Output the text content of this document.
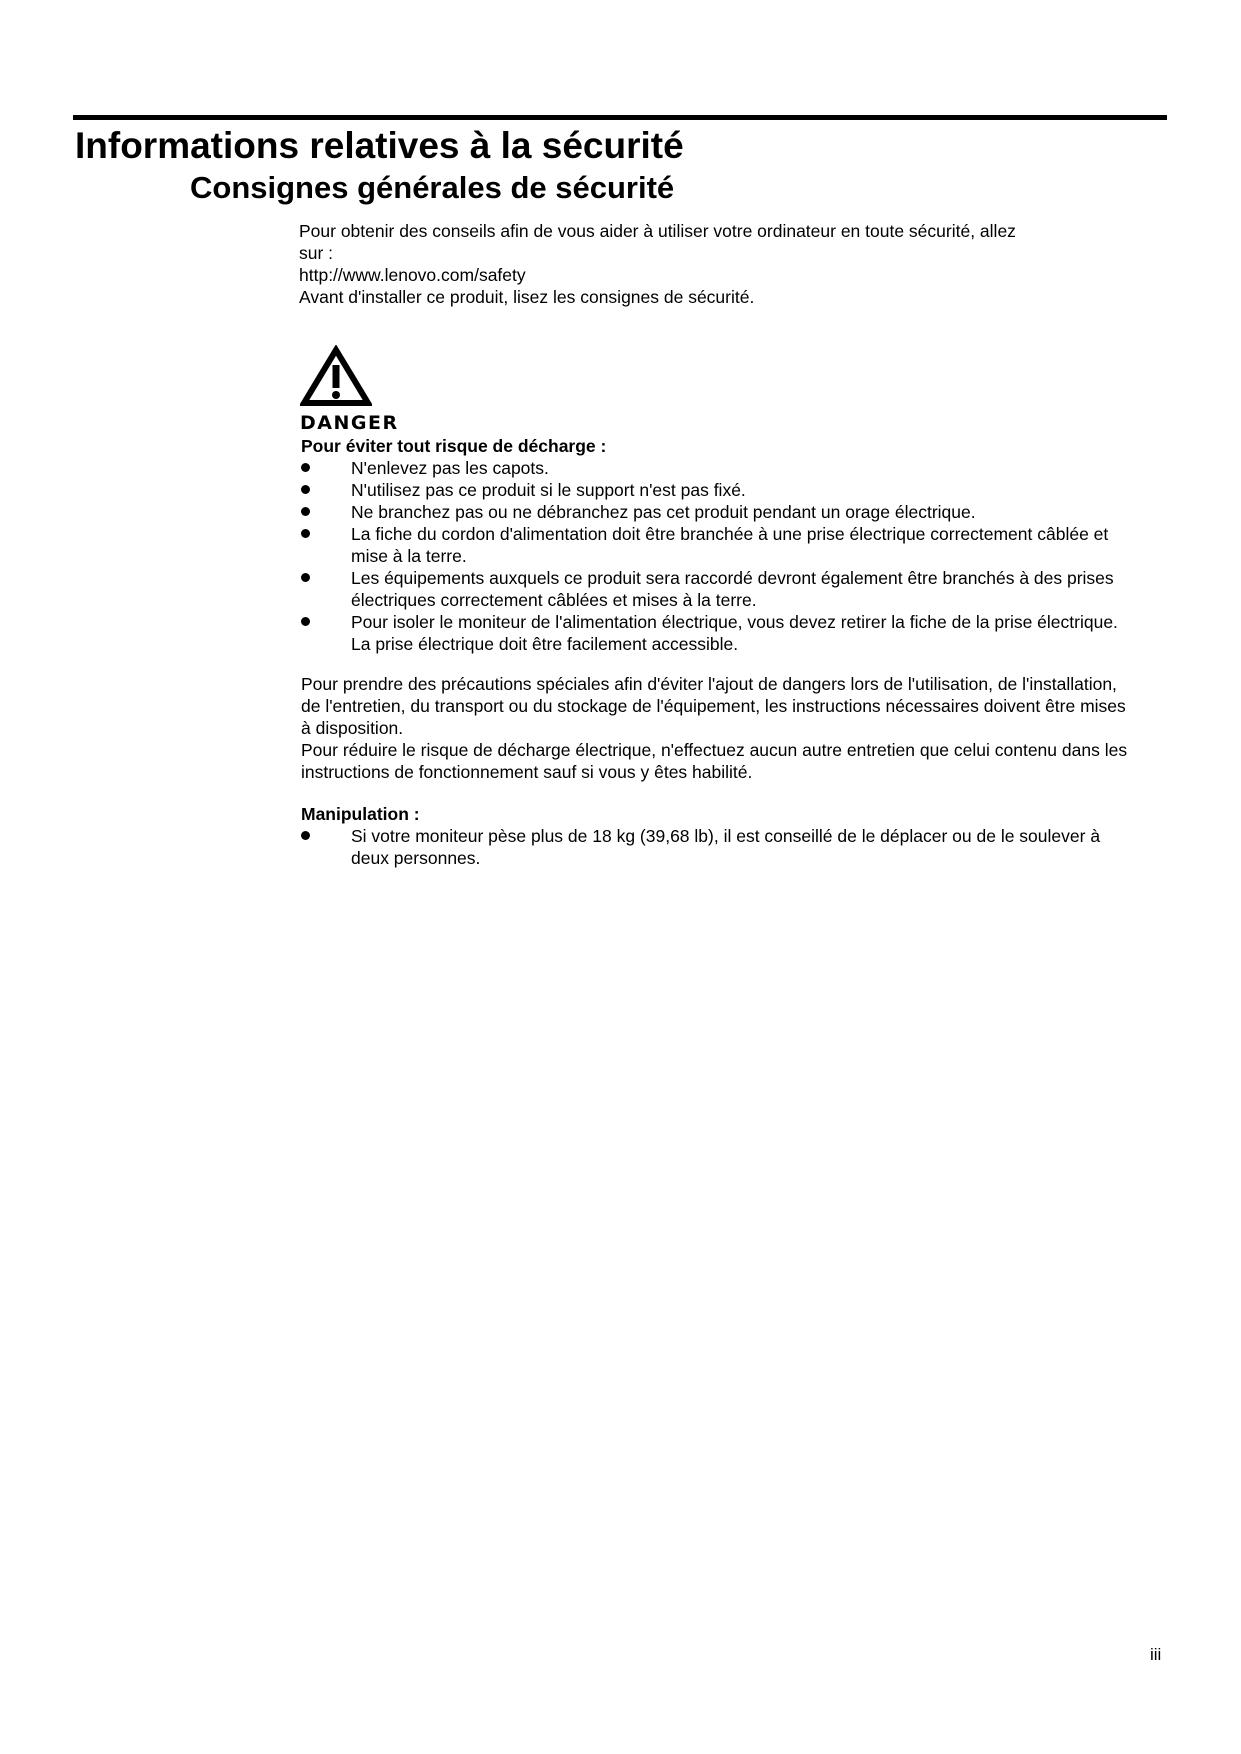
Informations relatives à la sécurité
Consignes générales de sécurité

Pour obtenir des conseils afin de vous aider à utiliser votre ordinateur en toute sécurité, allez

sur :

http://www.lenovo.com/safety

Avant d'installer ce produit, lisez les consignes de sécurité.

DANGER

Pour éviter tout risque de décharge :

N'enlevez pas les capots.
N'utilisez pas ce produit si le support n'est pas fixé.
Ne branchez pas ou ne débranchez pas cet produit pendant un orage électrique.
La fiche du cordon d'alimentation doit être branchée à une prise électrique correctement câblée et mise à la terre.
Les équipements auxquels ce produit sera raccordé devront également être branchés à des prises électriques correctement câblées et mises à la terre.
Pour isoler le moniteur de l'alimentation électrique, vous devez retirer la fiche de la prise électrique. La prise électrique doit être facilement accessible.

Pour prendre des précautions spéciales afin d'éviter l'ajout de dangers lors de l'utilisation, de l'installation, de l'entretien, du transport ou du stockage de l'équipement, les instructions nécessaires doivent être mises à disposition.

Pour réduire le risque de décharge électrique, n'effectuez aucun autre entretien que celui contenu dans les instructions de fonctionnement sauf si vous y êtes habilité.

Manipulation :

Si votre moniteur pèse plus de 18 kg (39,68 lb), il est conseillé de le déplacer ou de le soulever à deux personnes.
iii
